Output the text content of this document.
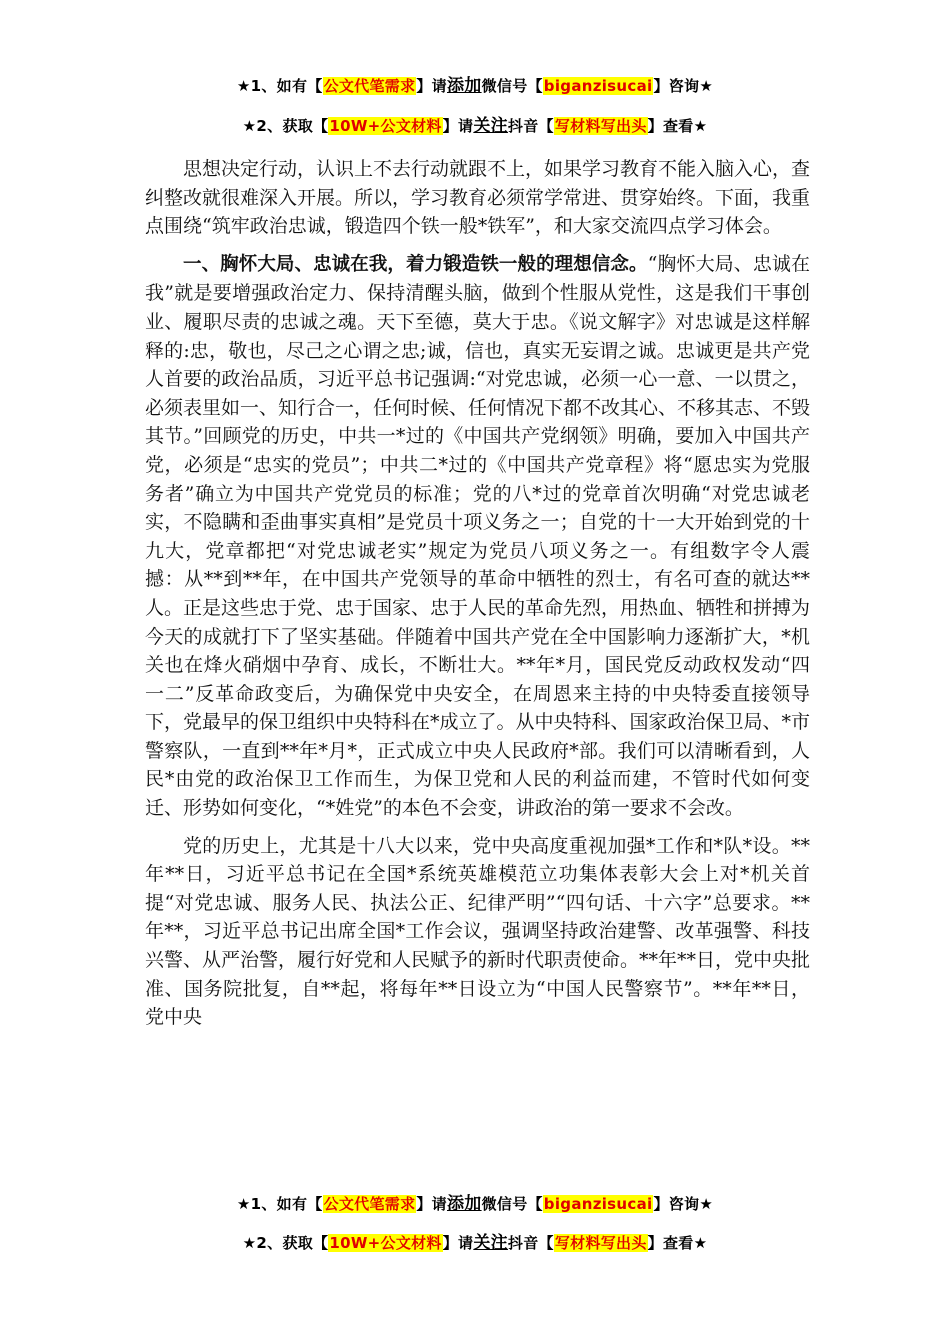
★1、如有【公文代笔需求】请添加微信号【biganzisucai】咨询★
★2、获取【10W+公文材料】请关注抖音【写材料写出头】查看★

思想决定行动，认识上不去行动就跟不上，如果学习教育不能入脑入心，查纠整改就很难深入开展。所以，学习教育必须常学常进、贯穿始终。下面，我重点围绕“筑牢政治忠诚，锻造四个铁一般*铁军”，和大家交流四点学习体会。

一、胸怀大局、忠诚在我，着力锻造铁一般的理想信念。“胸怀大局、忠诚在我”就是要增强政治定力、保持清醒头脑，做到个性服从党性，这是我们干事创业、履职尽责的忠诚之魂。天下至德，莫大于忠。《说文解字》对忠诚是这样解释的:忠，敬也，尽己之心谓之忠;诚，信也，真实无妄谓之诚。忠诚更是共产党人首要的政治品质，习近平总书记强调:“对党忠诚，必须一心一意、一以贯之，必须表里如一、知行合一，任何时候、任何情况下都不改其心、不移其志、不毁其节。”回顾党的历史，中共一*过的《中国共产党纲领》明确，要加入中国共产党，必须是“忠实的党员”；中共二*过的《中国共产党章程》将“愿忠实为党服务者”确立为中国共产党党员的标准；党的八*过的党章首次明确“对党忠诚老实，不隐瞒和歪曲事实真相”是党员十项义务之一；自党的十一大开始到党的十九大，党章都把“对党忠诚老实”规定为党员八项义务之一。有组数字令人震撼：从**到**年，在中国共产党领导的革命中牺牲的烈士，有名可查的就达**人。正是这些忠于党、忠于国家、忠于人民的革命先烈，用热血、牺牲和拼搏为今天的成就打下了坚实基础。伴随着中国共产党在全中国影响力逐渐扩大，*机关也在烽火硝烟中孕育、成长，不断壮大。**年*月，国民党反动政权发动“四一二”反革命政变后，为确保党中央安全，在周恩来主持的中央特委直接领导下，党最早的保卫组织中央特科在*成立了。从中央特科、国家政治保卫局、*市警察队，一直到**年*月*，正式成立中央人民政府*部。我们可以清晰看到，人民*由党的政治保卫工作而生，为保卫党和人民的利益而建，不管时代如何变迁、形势如何变化，“*姓党”的本色不会变，讲政治的第一要求不会改。

党的历史上，尤其是十八大以来，党中央高度重视加强*工作和*队*设。**年**日，习近平总书记在全国*系统英雄模范立功集体表彰大会上对*机关首提“对党忠诚、服务人民、执法公正、纪律严明”“四句话、十六字”总要求。**年**，习近平总书记出席全国*工作会议，强调坚持政治建警、改革强警、科技兴警、从严治警，履行好党和人民赋予的新时代职责使命。**年**日，党中央批准、国务院批复，自**起，将每年**日设立为“中国人民警察节”。**年**日，党中央

★1、如有【公文代笔需求】请添加微信号【biganzisucai】咨询★
★2、获取【10W+公文材料】请关注抖音【写材料写出头】查看★
